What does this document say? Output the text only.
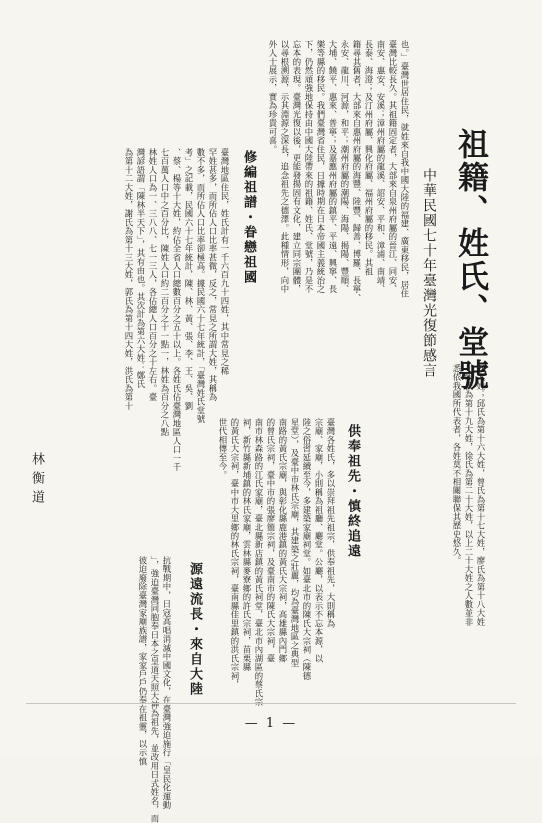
祖籍、姓氏、堂號
中華民國七十年臺灣光復節感言
也。」臺灣世居住民，就姓來自我中國大陸的福建、廣東移民，居住
臺灣比較長久。其祖籍固定者，大部來自泉州府屬的晉江、同安、
南安、惠安、安溪；漳州府屬的龍溪、詔安、平和、漳浦、南靖、
長泰、海澄；及汀州府屬、興化府屬、福州府屬的移民。其祖
籍尋其舊者，大部來自惠州府屬的海豐、陸豐、歸善、博羅、長寧、
永安、龍川、河源，和平；潮州府屬的潮陽、海陽、揭陽、豐順、
大埔、饒平、惠來、普寧；及嘉應州府屬的鎮平、平遠、興寧、長
樂等縣的移民。我們臺灣省住民，日據時期在日本帝國主義統治之
下，仍然頑強地保持由中國大陸帶來的祖籍、姓氏、堂號，乃是不
忘本的表現。臺灣光復以後，更能發揚固有文化，建立同宗團體，
以尋根溯源，示其淵源之深長，追念祖先之德澤。此種情形，向中
外人士展示，實為珍貴可喜。
修編祖譜・眷戀祖國
臺灣地區住民，姓氏計有一千六百九十四姓，其中常見之稀
罕姓甚多，而所佔人口比率甚微，反之，常見之所謂大姓，其稱為
數不多，而所佔人口比率卻極高。據民國六十七年統計，「臺灣姓氏堂號
考」之記載，民國六十七年統計，陳、林、黃、張、李、王、吳、劉
、蔡、楊等十大姓，約佔全省人口總數百分之五十以上。各姓氏佔臺灣地區人口一千
七百萬人口中之百分比，陳姓人口約二百分之十一點一，林姓為百分之八點
林姓人口為一、三八八、七一三人，各佔總人口百分之十左右。臺
灣諺語謂「陳林半天下」，其有由也。其次計為第六大姓：鄭氏
為第十二大姓，謝氏為第十三大姓，郭氏為第十四大姓，洪氏為第十
林衡道	五大姓；邱氏為第十六大姓，曾氏為第十七大姓，廖氏為第十八大姓
，賴氏為第十九大姓，徐氏為第二十大姓，以上二十大姓之人數並非
悉依我國所代表者，各姓莫不相關聯保其歷史悠久。
供奉祖先・慎終追遠
臺灣各姓氏，多以崇拜祖先祖宗，供奉祖先，大則稱為
宗廟、家廟，小則稱為祖廳、廳堂。公廳，以表示不忘本源，以
陸之俗習延續至今，多建築家廟祠堂。如臺北市的陳氏大宗祠（陳德
星堂），及臺中市林氏宗廟，其建築之壯麗，均為臺灣地區之典型
南路的黃氏宗廟，與彰化縣鹿港鎮的黃氏大宗祠，高雄縣內門鄉
的曾氏宗祠，臺中市的張廖簡宗祠，及臺南市的陳氏大宗祠，臺
南市林森路的江氏家廟，臺北縣新店鎮的黃氏祠堂，臺北市內湖區的蔡氏宗
祠，新竹縣新埔鎮的林氏家廟，雲林縣麥寮鄉的許氏宗祠，苗栗縣
的黃氏大宗祠，臺中市大里鄉的林氏宗祠，臺南縣佳里鎮的洪氏宗祠，
世代相傳至今。
源遠流長・來自大陸
抗戰期中，日寇高唱消滅中國文化，在臺灣強迫施行「皇民化運動
」，強迫臺灣同胞奉日本之皇道天照大神為祖先，並改用日式姓名，而
彼迫廢除臺灣家廟族譜，家家戶戶仍奉在祖靈，以示慎	— 1 —
